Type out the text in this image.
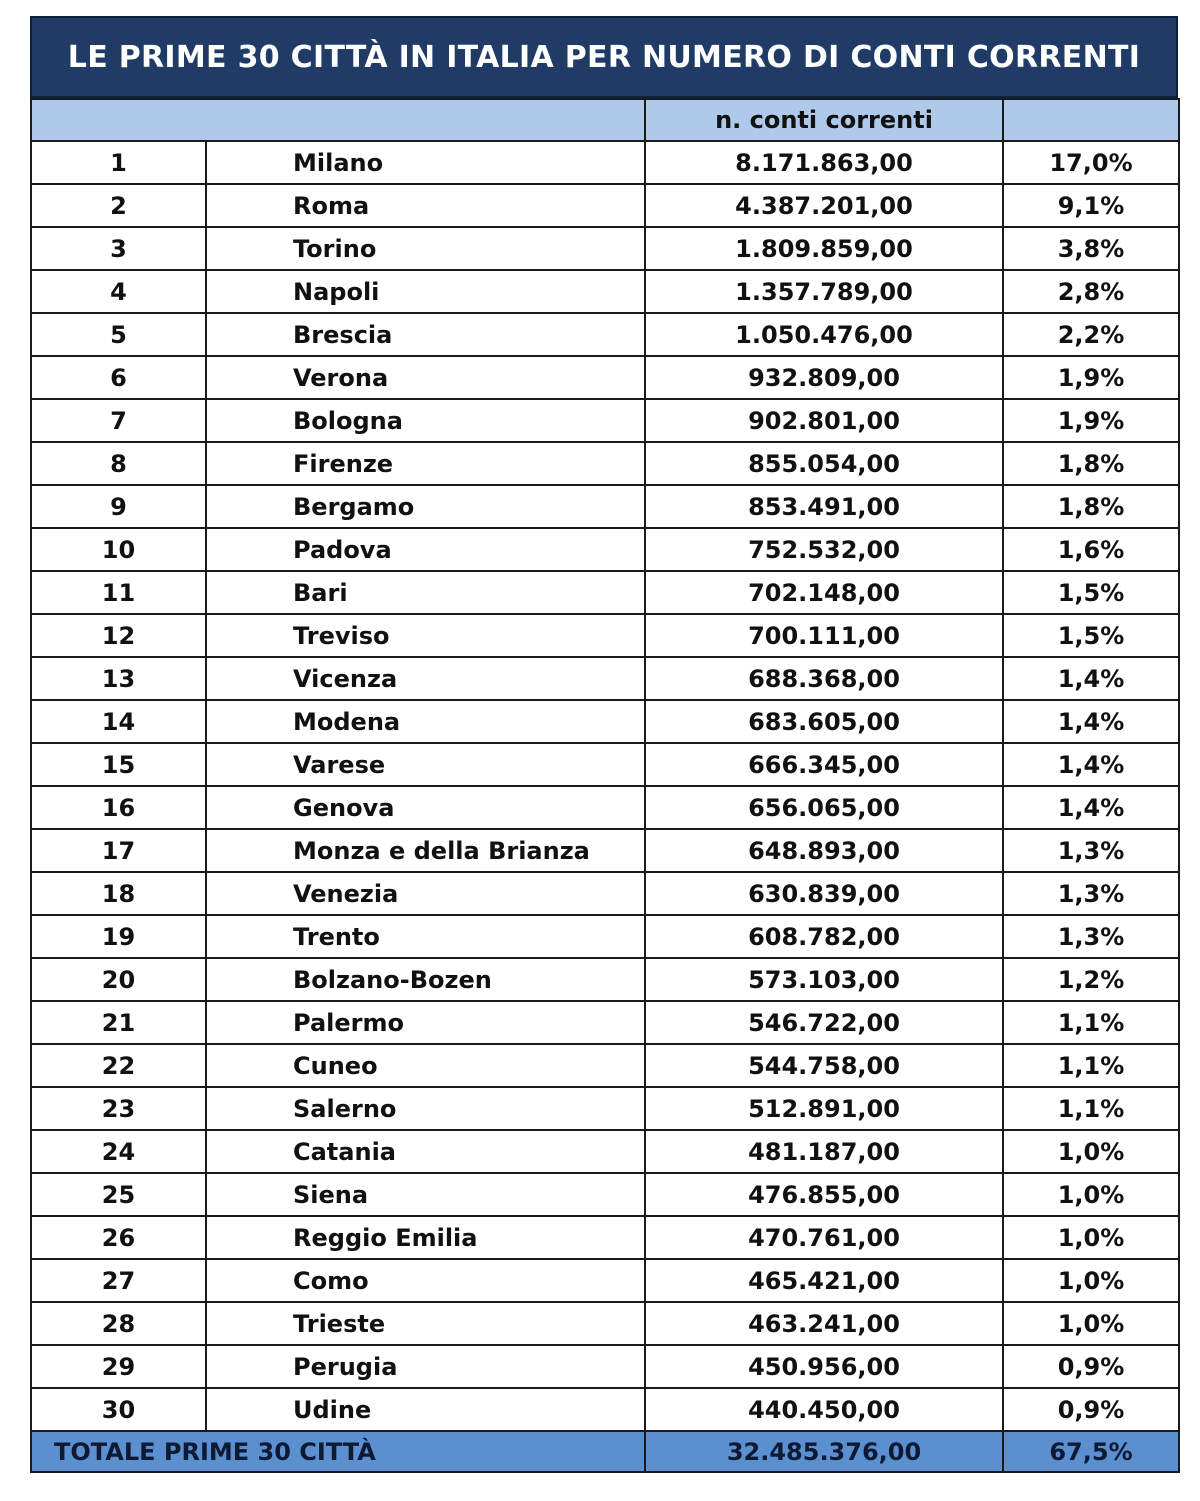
LE PRIME 30 CITTÀ IN ITALIA PER NUMERO DI CONTI CORRENTI
		n. conti correnti	
1	Milano	8.171.863,00	17,0%
2	Roma	4.387.201,00	9,1%
3	Torino	1.809.859,00	3,8%
4	Napoli	1.357.789,00	2,8%
5	Brescia	1.050.476,00	2,2%
6	Verona	932.809,00	1,9%
7	Bologna	902.801,00	1,9%
8	Firenze	855.054,00	1,8%
9	Bergamo	853.491,00	1,8%
10	Padova	752.532,00	1,6%
11	Bari	702.148,00	1,5%
12	Treviso	700.111,00	1,5%
13	Vicenza	688.368,00	1,4%
14	Modena	683.605,00	1,4%
15	Varese	666.345,00	1,4%
16	Genova	656.065,00	1,4%
17	Monza e della Brianza	648.893,00	1,3%
18	Venezia	630.839,00	1,3%
19	Trento	608.782,00	1,3%
20	Bolzano-Bozen	573.103,00	1,2%
21	Palermo	546.722,00	1,1%
22	Cuneo	544.758,00	1,1%
23	Salerno	512.891,00	1,1%
24	Catania	481.187,00	1,0%
25	Siena	476.855,00	1,0%
26	Reggio Emilia	470.761,00	1,0%
27	Como	465.421,00	1,0%
28	Trieste	463.241,00	1,0%
29	Perugia	450.956,00	0,9%
30	Udine	440.450,00	0,9%
TOTALE PRIME 30 CITTÀ		32.485.376,00	67,5%
